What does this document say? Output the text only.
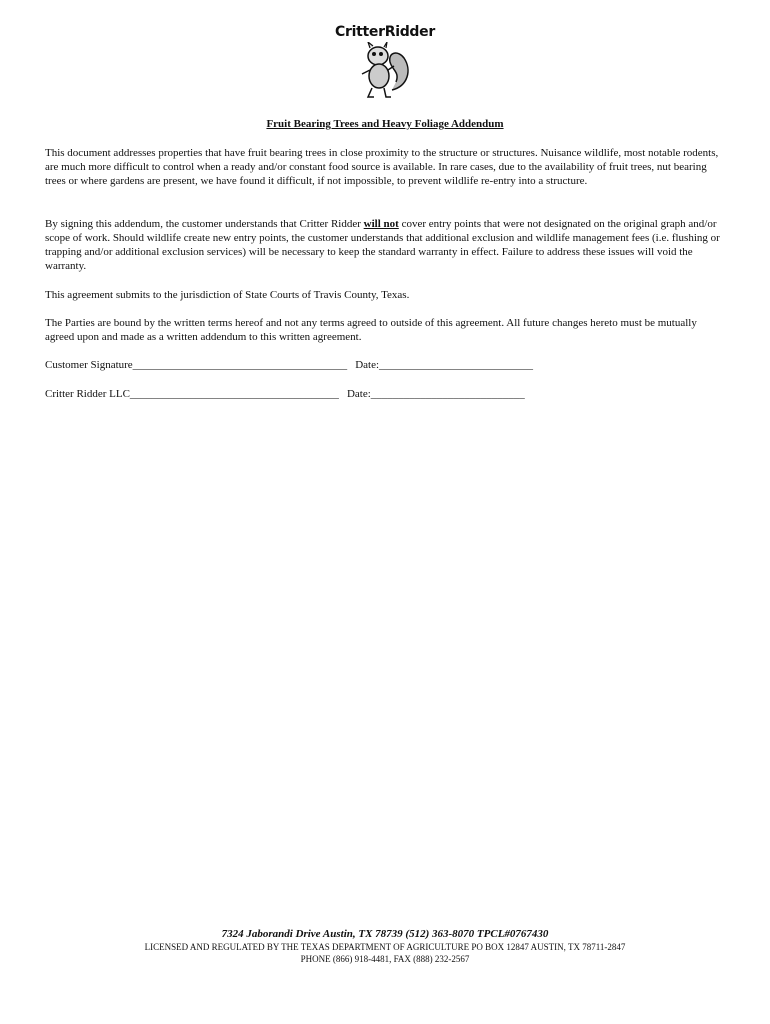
CritterRidder
Fruit Bearing Trees and Heavy Foliage Addendum

This document addresses properties that have fruit bearing trees in close proximity to the structure or structures. Nuisance wildlife, most notable rodents, are much more difficult to control when a ready and/or constant food source is available. In rare cases, due to the availability of fruit trees, nut bearing trees or where gardens are present, we have found it difficult, if not impossible, to prevent wildlife re-entry into a structure.

By signing this addendum, the customer understands that Critter Ridder will not cover entry points that were not designated on the original graph and/or scope of work. Should wildlife create new entry points, the customer understands that additional exclusion and wildlife management fees (i.e. flushing or trapping and/or additional exclusion services) will be necessary to keep the standard warranty in effect. Failure to address these issues will void the warranty.

This agreement submits to the jurisdiction of State Courts of Travis County, Texas.

The Parties are bound by the written terms hereof and not any terms agreed to outside of this agreement. All future changes hereto must be mutually agreed upon and made as a written addendum to this written agreement.

Customer Signature_______________________________________ Date:____________________________
Critter Ridder LLC______________________________________ Date:____________________________
7324 Jaborandi Drive Austin, TX 78739 (512) 363-8070 TPCL#0767430
LICENSED AND REGULATED BY THE TEXAS DEPARTMENT OF AGRICULTURE PO BOX 12847 AUSTIN, TX 78711-2847
PHONE (866) 918-4481, FAX (888) 232-2567
